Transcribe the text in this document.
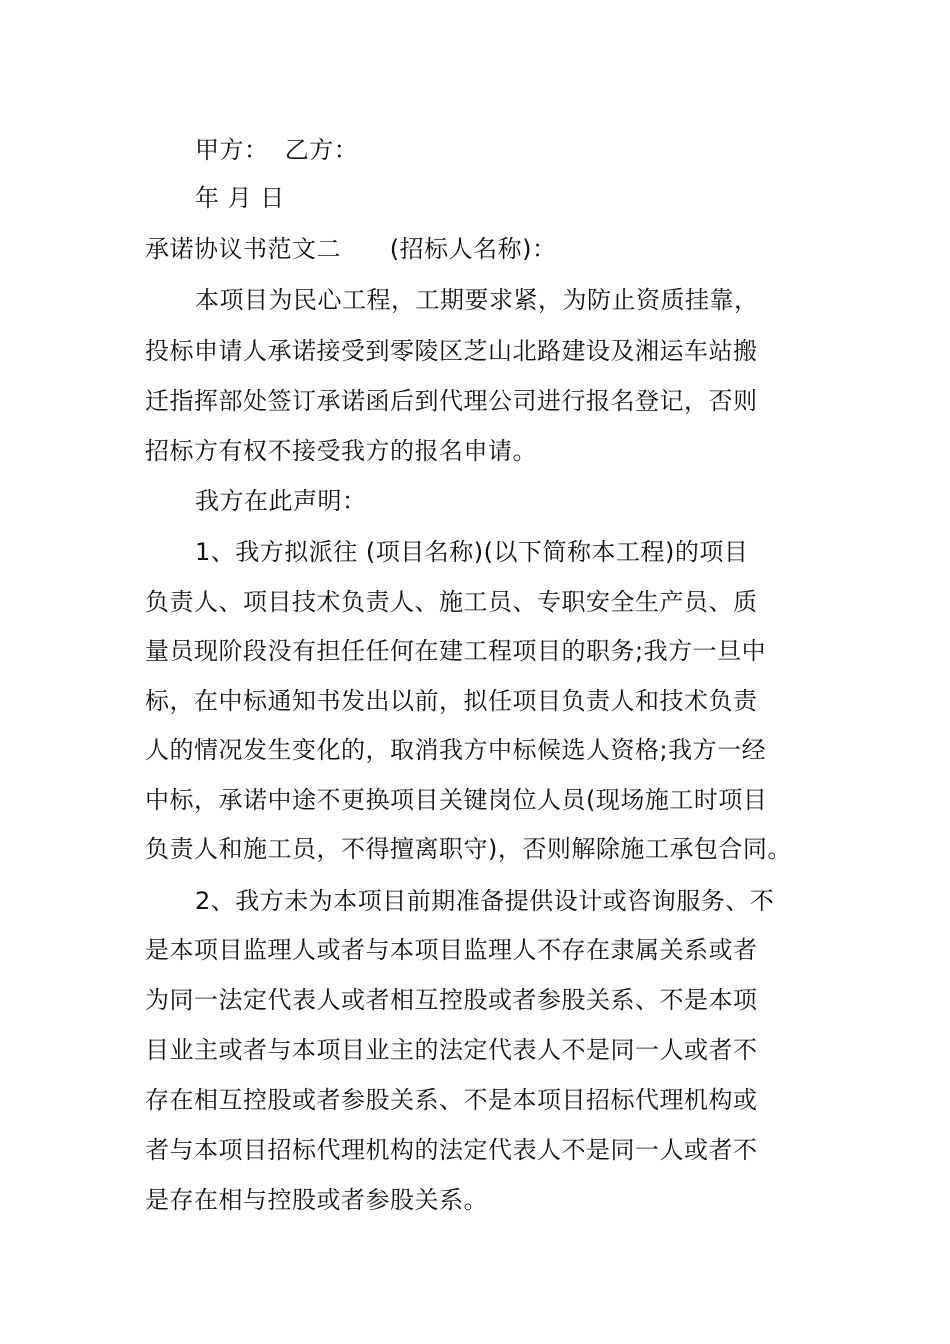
甲方：  乙方：
年 月 日
承诺协议书范文二      (招标人名称)：
本项目为民心工程，工期要求紧，为防止资质挂靠，
投标申请人承诺接受到零陵区芝山北路建设及湘运车站搬
迁指挥部处签订承诺函后到代理公司进行报名登记，否则
招标方有权不接受我方的报名申请。
我方在此声明：
1、我方拟派往 (项目名称)(以下简称本工程)的项目
负责人、项目技术负责人、施工员、专职安全生产员、质
量员现阶段没有担任任何在建工程项目的职务;我方一旦中
标，在中标通知书发出以前，拟任项目负责人和技术负责
人的情况发生变化的，取消我方中标候选人资格;我方一经
中标，承诺中途不更换项目关键岗位人员(现场施工时项目
负责人和施工员，不得擅离职守)，否则解除施工承包合同。
2、我方未为本项目前期准备提供设计或咨询服务、不
是本项目监理人或者与本项目监理人不存在隶属关系或者
为同一法定代表人或者相互控股或者参股关系、不是本项
目业主或者与本项目业主的法定代表人不是同一人或者不
存在相互控股或者参股关系、不是本项目招标代理机构或
者与本项目招标代理机构的法定代表人不是同一人或者不
是存在相与控股或者参股关系。
